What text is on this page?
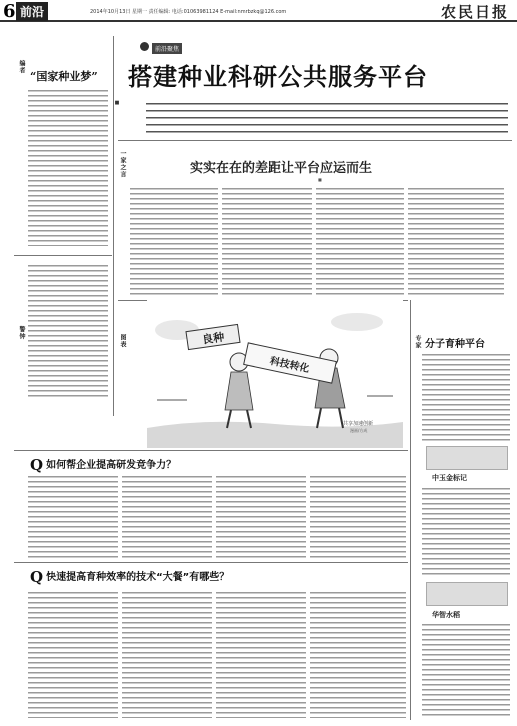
6 前沿	2014年10月13日 星期一 责任编辑: 电话:01063981124 E-mail:nmrbzkq@126.com	农民日报
编者
“国家种业梦”
警钟
前沿聚焦
搭建种业科研公共服务平台
■
一家之言	实实在在的差距让平台应运而生
■
图表	良种
科技转化
共享加速创新
漫画/方成
Q如何帮企业提高研发竞争力？
Q快速提高育种效率的技术“大餐”有哪些？
专家 分子育种平台
中玉金标记
华智水稻
